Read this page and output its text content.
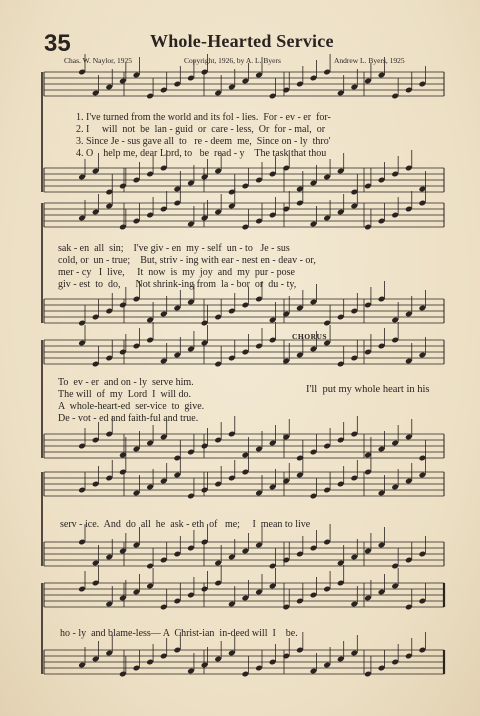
35	Whole-Hearted Service
Chas. W. Naylor, 1925	Copyright, 1926, by A. L. Byers	Andrew L. Byers, 1925
CHORUS
1. I've turned from the world and its fol - lies.  For - ev - er  for-
2. I     will  not  be  lan - guid  or  care - less,  Or  for - mal,  or
3. Since Je - sus gave all  to   re - deem  me,  Since on - ly  thro'
4. O    help me, dear Lord, to   be  read - y    The task that thou
sak - en  all  sin;    I've giv - en  my - self  un - to   Je - sus
cold, or  un - true;    But, striv - ing with ear - nest en - deav - or,
mer - cy   I  live,     It  now  is  my  joy  and  my  pur - pose
giv - est  to  do,      Not shrink-ing from  la - bor  or  du - ty,
To  ev - er  and on - ly  serve him.
The will  of  my  Lord  I  will do.
A  whole-heart-ed  ser-vice  to  give.
De - vot - ed and faith-ful and true.
I'll  put my whole heart in his
serv - ice.  And  do  all  he  ask - eth  of   me;     I  mean to live
ho - ly  and blame-less— A  Christ-ian  in-deed will  I    be.
